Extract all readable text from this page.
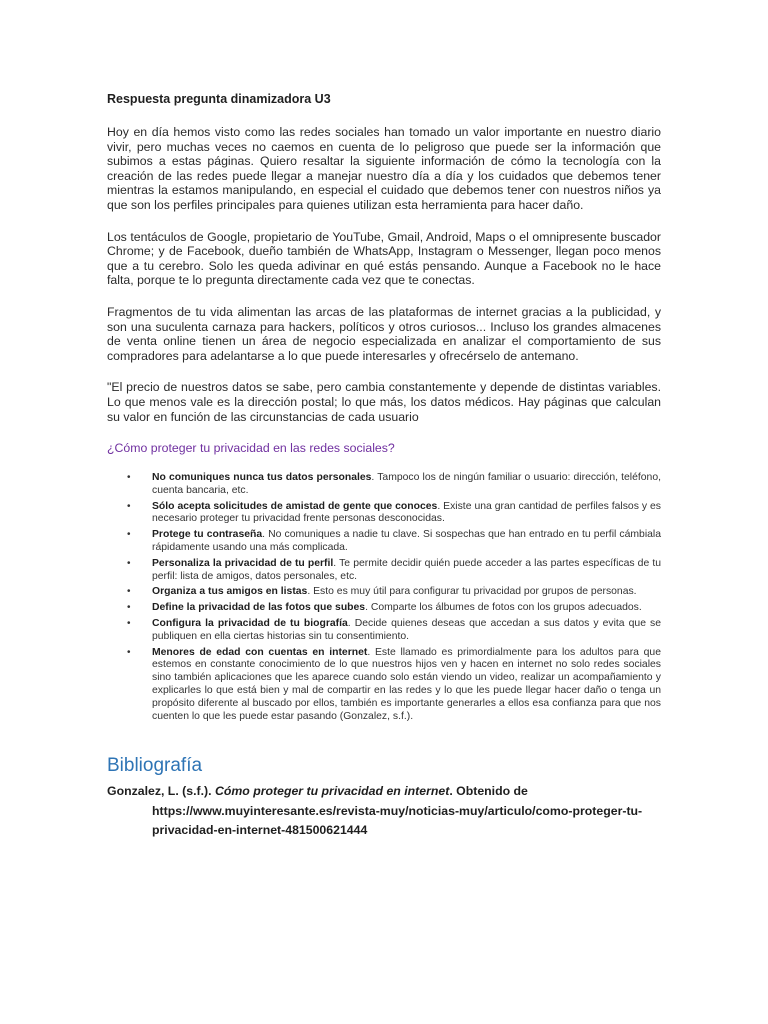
Respuesta pregunta dinamizadora U3

Hoy en día hemos visto como las redes sociales han tomado un valor importante en nuestro diario vivir, pero muchas veces no caemos en cuenta de lo peligroso que puede ser la información que subimos a estas páginas. Quiero resaltar la siguiente información de cómo la tecnología con la creación de las redes puede llegar a manejar nuestro día a día y los cuidados que debemos tener mientras la estamos manipulando, en especial el cuidado que debemos tener con nuestros niños ya que son los perfiles principales para quienes utilizan esta herramienta para hacer daño.

Los tentáculos de Google, propietario de YouTube, Gmail, Android, Maps o el omnipresente buscador Chrome; y de Facebook, dueño también de WhatsApp, Instagram o Messenger, llegan poco menos que a tu cerebro. Solo les queda adivinar en qué estás pensando. Aunque a Facebook no le hace falta, porque te lo pregunta directamente cada vez que te conectas.

Fragmentos de tu vida alimentan las arcas de las plataformas de internet gracias a la publicidad, y son una suculenta carnaza para hackers, políticos y otros curiosos... Incluso los grandes almacenes de venta online tienen un área de negocio especializada en analizar el comportamiento de sus compradores para adelantarse a lo que puede interesarles y ofrecérselo de antemano.

"El precio de nuestros datos se sabe, pero cambia constantemente y depende de distintas variables. Lo que menos vale es la dirección postal; lo que más, los datos médicos. Hay páginas que calculan su valor en función de las circunstancias de cada usuario

¿Cómo proteger tu privacidad en las redes sociales?

• No comuniques nunca tus datos personales. Tampoco los de ningún familiar o usuario: dirección, teléfono, cuenta bancaria, etc.
• Sólo acepta solicitudes de amistad de gente que conoces. Existe una gran cantidad de perfiles falsos y es necesario proteger tu privacidad frente personas desconocidas.
• Protege tu contraseña. No comuniques a nadie tu clave. Si sospechas que han entrado en tu perfil cámbiala rápidamente usando una más complicada.
• Personaliza la privacidad de tu perfil. Te permite decidir quién puede acceder a las partes específicas de tu perfil: lista de amigos, datos personales, etc.
• Organiza a tus amigos en listas. Esto es muy útil para configurar tu privacidad por grupos de personas.
• Define la privacidad de las fotos que subes. Comparte los álbumes de fotos con los grupos adecuados.
• Configura la privacidad de tu biografía. Decide quienes deseas que accedan a sus datos y evita que se publiquen en ella ciertas historias sin tu consentimiento.
• Menores de edad con cuentas en internet. Este llamado es primordialmente para los adultos para que estemos en constante conocimiento de lo que nuestros hijos ven y hacen en internet no solo redes sociales sino también aplicaciones que les aparece cuando solo están viendo un video, realizar un acompañamiento y explicarles lo que está bien y mal de compartir en las redes y lo que les puede llegar hacer daño o tenga un propósito diferente al buscado por ellos, también es importante generarles a ellos esa confianza para que nos cuenten lo que les puede estar pasando (Gonzalez, s.f.).
Bibliografía
Gonzalez, L. (s.f.). Cómo proteger tu privacidad en internet. Obtenido de
https://www.muyinteresante.es/revista-muy/noticias-muy/articulo/como-proteger-tu-privacidad-en-internet-481500621444
